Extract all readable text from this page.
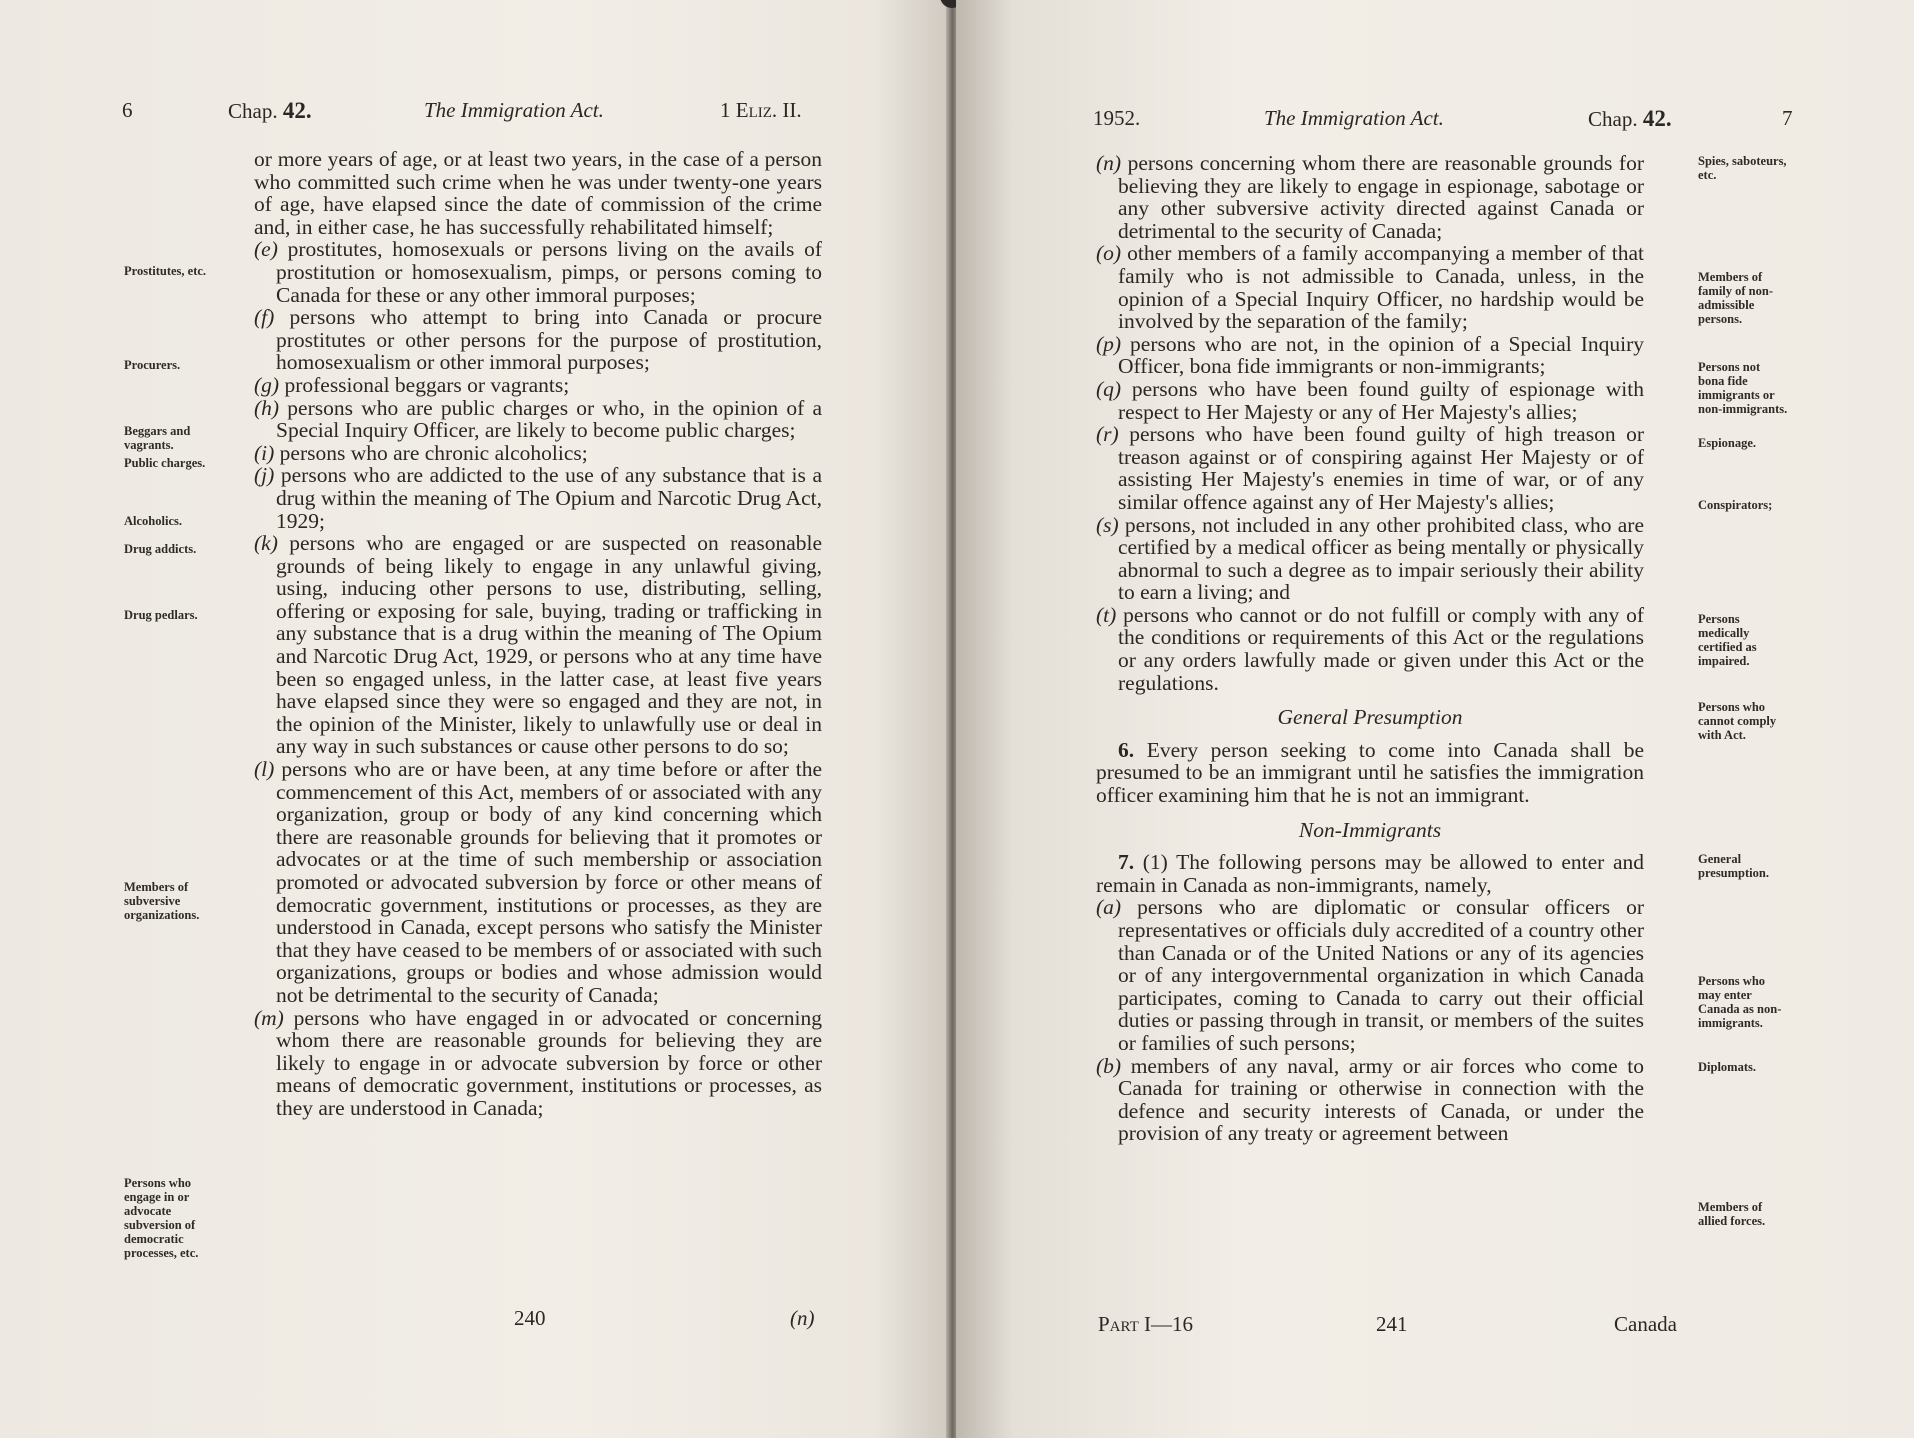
6	Chap. 42.	The Immigration Act.	1 Eliz. II.

or more years of age, or at least two years, in the case of a person who committed such crime when he was under twenty-one years of age, have elapsed since the date of commission of the crime and, in either case, he has successfully rehabilitated himself;

(e) prostitutes, homosexuals or persons living on the avails of prostitution or homosexualism, pimps, or persons coming to Canada for these or any other immoral purposes;

(f) persons who attempt to bring into Canada or procure prostitutes or other persons for the purpose of prostitution, homosexualism or other immoral purposes;

(g) professional beggars or vagrants;

(h) persons who are public charges or who, in the opinion of a Special Inquiry Officer, are likely to become public charges;

(i) persons who are chronic alcoholics;

(j) persons who are addicted to the use of any substance that is a drug within the meaning of The Opium and Narcotic Drug Act, 1929;

(k) persons who are engaged or are suspected on reasonable grounds of being likely to engage in any unlawful giving, using, inducing other persons to use, distributing, selling, offering or exposing for sale, buying, trading or trafficking in any substance that is a drug within the meaning of The Opium and Narcotic Drug Act, 1929, or persons who at any time have been so engaged unless, in the latter case, at least five years have elapsed since they were so engaged and they are not, in the opinion of the Minister, likely to unlawfully use or deal in any way in such substances or cause other persons to do so;

(l) persons who are or have been, at any time before or after the commencement of this Act, members of or associated with any organization, group or body of any kind concerning which there are reasonable grounds for believing that it promotes or advocates or at the time of such membership or association promoted or advocated subversion by force or other means of democratic government, institutions or processes, as they are understood in Canada, except persons who satisfy the Minister that they have ceased to be members of or associated with such organizations, groups or bodies and whose admission would not be detrimental to the security of Canada;

(m) persons who have engaged in or advocated or concerning whom there are reasonable grounds for believing they are likely to engage in or advocate subversion by force or other means of democratic government, institutions or processes, as they are understood in Canada;

Prostitutes, etc.
Procurers.
Beggars and vagrants.
Public charges.
Alcoholics.
Drug addicts.
Drug pedlars.
Members of subversive organizations.
Persons who engage in or advocate subversion of democratic processes, etc.
240	(n)
1952.	The Immigration Act.	Chap. 42.	7

(n) persons concerning whom there are reasonable grounds for believing they are likely to engage in espionage, sabotage or any other subversive activity directed against Canada or detrimental to the security of Canada;

(o) other members of a family accompanying a member of that family who is not admissible to Canada, unless, in the opinion of a Special Inquiry Officer, no hardship would be involved by the separation of the family;

(p) persons who are not, in the opinion of a Special Inquiry Officer, bona fide immigrants or non-immigrants;

(q) persons who have been found guilty of espionage with respect to Her Majesty or any of Her Majesty's allies;

(r) persons who have been found guilty of high treason or treason against or of conspiring against Her Majesty or of assisting Her Majesty's enemies in time of war, or of any similar offence against any of Her Majesty's allies;

(s) persons, not included in any other prohibited class, who are certified by a medical officer as being mentally or physically abnormal to such a degree as to impair seriously their ability to earn a living; and

(t) persons who cannot or do not fulfill or comply with any of the conditions or requirements of this Act or the regulations or any orders lawfully made or given under this Act or the regulations.

General Presumption

6. Every person seeking to come into Canada shall be presumed to be an immigrant until he satisfies the immigration officer examining him that he is not an immigrant.

Non-Immigrants

7. (1) The following persons may be allowed to enter and remain in Canada as non-immigrants, namely,

(a) persons who are diplomatic or consular officers or representatives or officials duly accredited of a country other than Canada or of the United Nations or any of its agencies or of any intergovernmental organization in which Canada participates, coming to Canada to carry out their official duties or passing through in transit, or members of the suites or families of such persons;

(b) members of any naval, army or air forces who come to Canada for training or otherwise in connection with the defence and security interests of Canada, or under the provision of any treaty or agreement between

Spies, saboteurs, etc.
Members of family of non-admissible persons.
Persons not bona fide immigrants or non-immigrants.
Espionage.
Conspirators;
Persons medically certified as impaired.
Persons who cannot comply with Act.
General presumption.
Persons who may enter Canada as non-immigrants.
Diplomats.
Members of allied forces.
Part I—16	241	Canada
